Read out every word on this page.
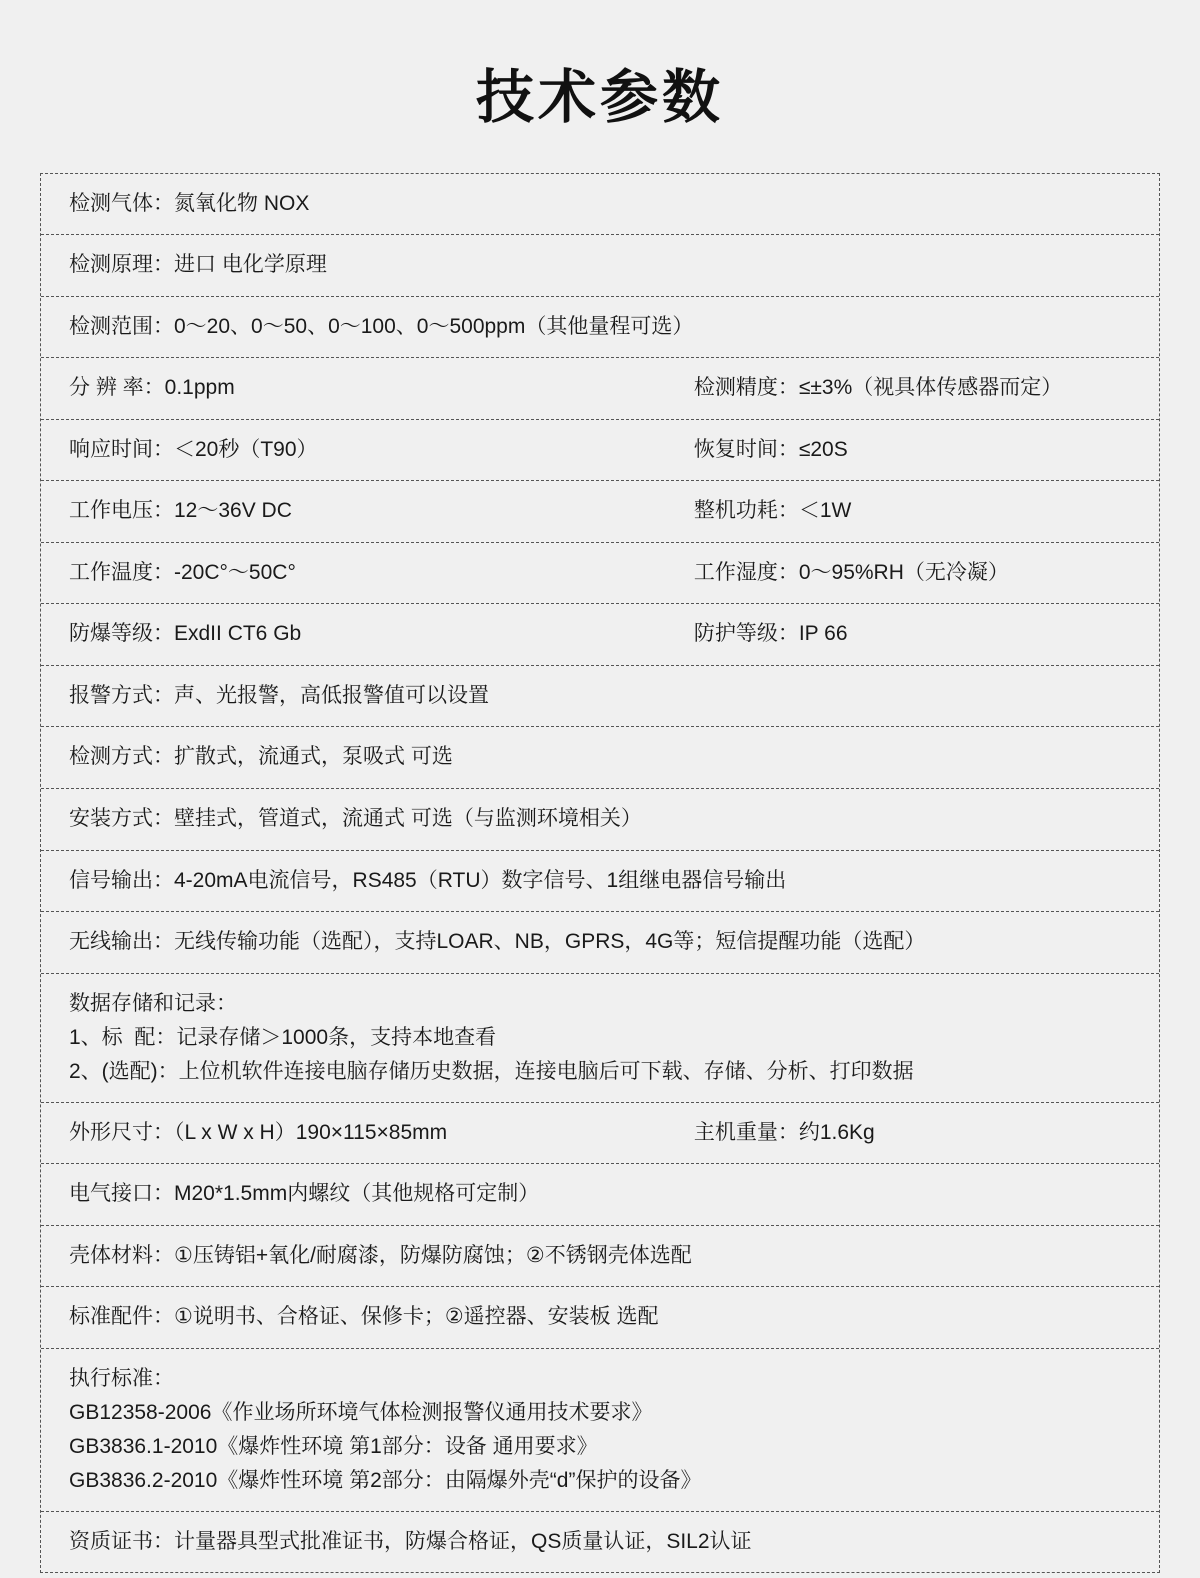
技术参数
检测气体：氮氧化物 NOX
检测原理：进口 电化学原理
检测范围：0～20、0～50、0～100、0～500ppm（其他量程可选）
分 辨 率：0.1ppm	检测精度：≤±3%（视具体传感器而定）
响应时间：＜20秒（T90）	恢复时间：≤20S
工作电压：12～36V DC	整机功耗：＜1W
工作温度：-20C°～50C°	工作湿度：0～95%RH（无冷凝）
防爆等级：ExdII CT6 Gb	防护等级：IP 66
报警方式：声、光报警，高低报警值可以设置
检测方式：扩散式，流通式，泵吸式 可选
安装方式：壁挂式，管道式，流通式 可选（与监测环境相关）
信号输出：4-20mA电流信号，RS485（RTU）数字信号、1组继电器信号输出
无线输出：无线传输功能（选配），支持LOAR、NB，GPRS，4G等；短信提醒功能（选配）
数据存储和记录：
1、标  配：记录存储＞1000条，支持本地查看
2、(选配)：上位机软件连接电脑存储历史数据，连接电脑后可下载、存储、分析、打印数据
外形尺寸：（L x W x H）190×115×85mm	主机重量：约1.6Kg
电气接口：M20*1.5mm内螺纹（其他规格可定制）
壳体材料：①压铸铝+氧化/耐腐漆，防爆防腐蚀；②不锈钢壳体选配
标准配件：①说明书、合格证、保修卡；②遥控器、安装板 选配
执行标准：
GB12358-2006《作业场所环境气体检测报警仪通用技术要求》
GB3836.1-2010《爆炸性环境 第1部分：设备 通用要求》
GB3836.2-2010《爆炸性环境 第2部分：由隔爆外壳“d”保护的设备》
资质证书：计量器具型式批准证书，防爆合格证，QS质量认证，SIL2认证
